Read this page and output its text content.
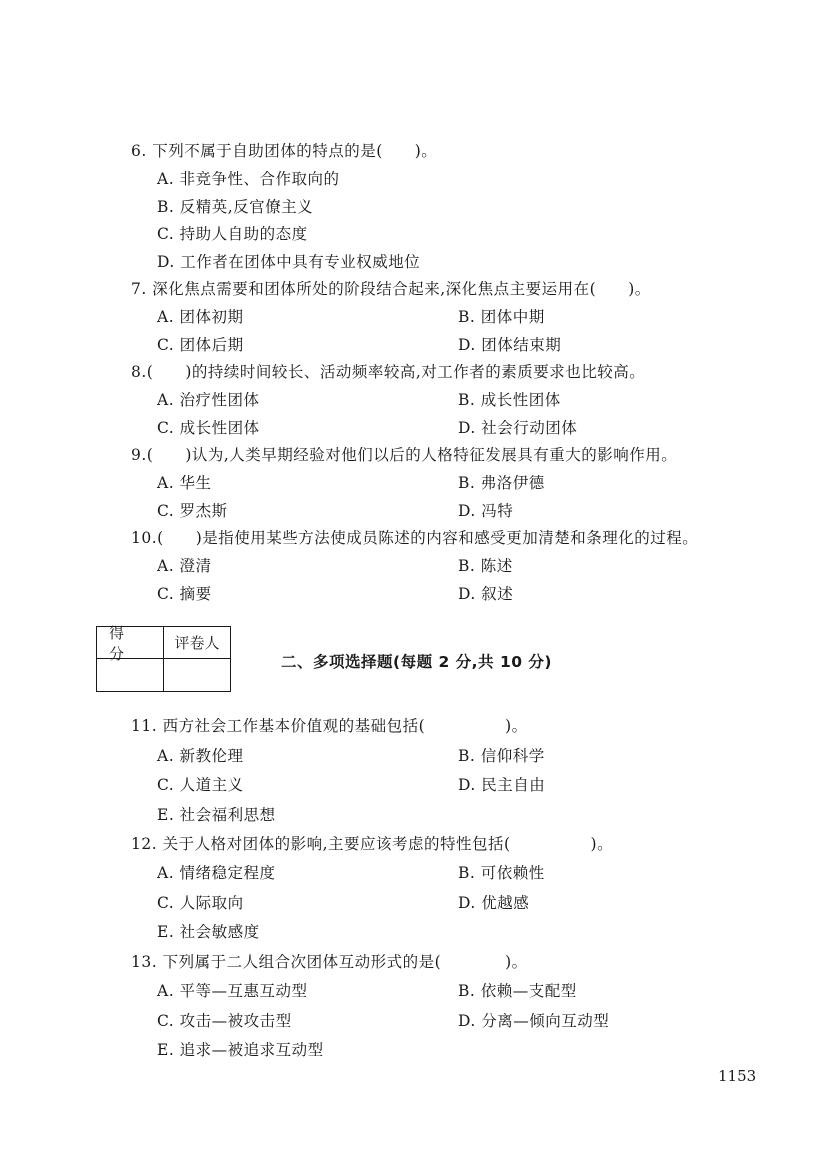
6. 下列不属于自助团体的特点的是(　　)。
A. 非竞争性、合作取向的
B. 反精英,反官僚主义
C. 持助人自助的态度
D. 工作者在团体中具有专业权威地位
7. 深化焦点需要和团体所处的阶段结合起来,深化焦点主要运用在(　　)。
A. 团体初期	B. 团体中期
C. 团体后期	D. 团体结束期
8.(　　)的持续时间较长、活动频率较高,对工作者的素质要求也比较高。
A. 治疗性团体	B. 成长性团体
C. 成长性团体	D. 社会行动团体
9.(　　)认为,人类早期经验对他们以后的人格特征发展具有重大的影响作用。
A. 华生	B. 弗洛伊德
C. 罗杰斯	D. 冯特
10.(　　)是指使用某些方法使成员陈述的内容和感受更加清楚和条理化的过程。
A. 澄清	B. 陈述
C. 摘要	D. 叙述
得分
评卷人
二、多项选择题(每题 2 分,共 10 分)
11. 西方社会工作基本价值观的基础包括(　　　　　)。
A. 新教伦理	B. 信仰科学
C. 人道主义	D. 民主自由
E. 社会福利思想
12. 关于人格对团体的影响,主要应该考虑的特性包括(　　　　　)。
A. 情绪稳定程度	B. 可依赖性
C. 人际取向	D. 优越感
E. 社会敏感度
13. 下列属于二人组合次团体互动形式的是(　　　　)。
A. 平等—互惠互动型	B. 依赖—支配型
C. 攻击—被攻击型	D. 分离—倾向互动型
E. 追求—被追求互动型
1153
